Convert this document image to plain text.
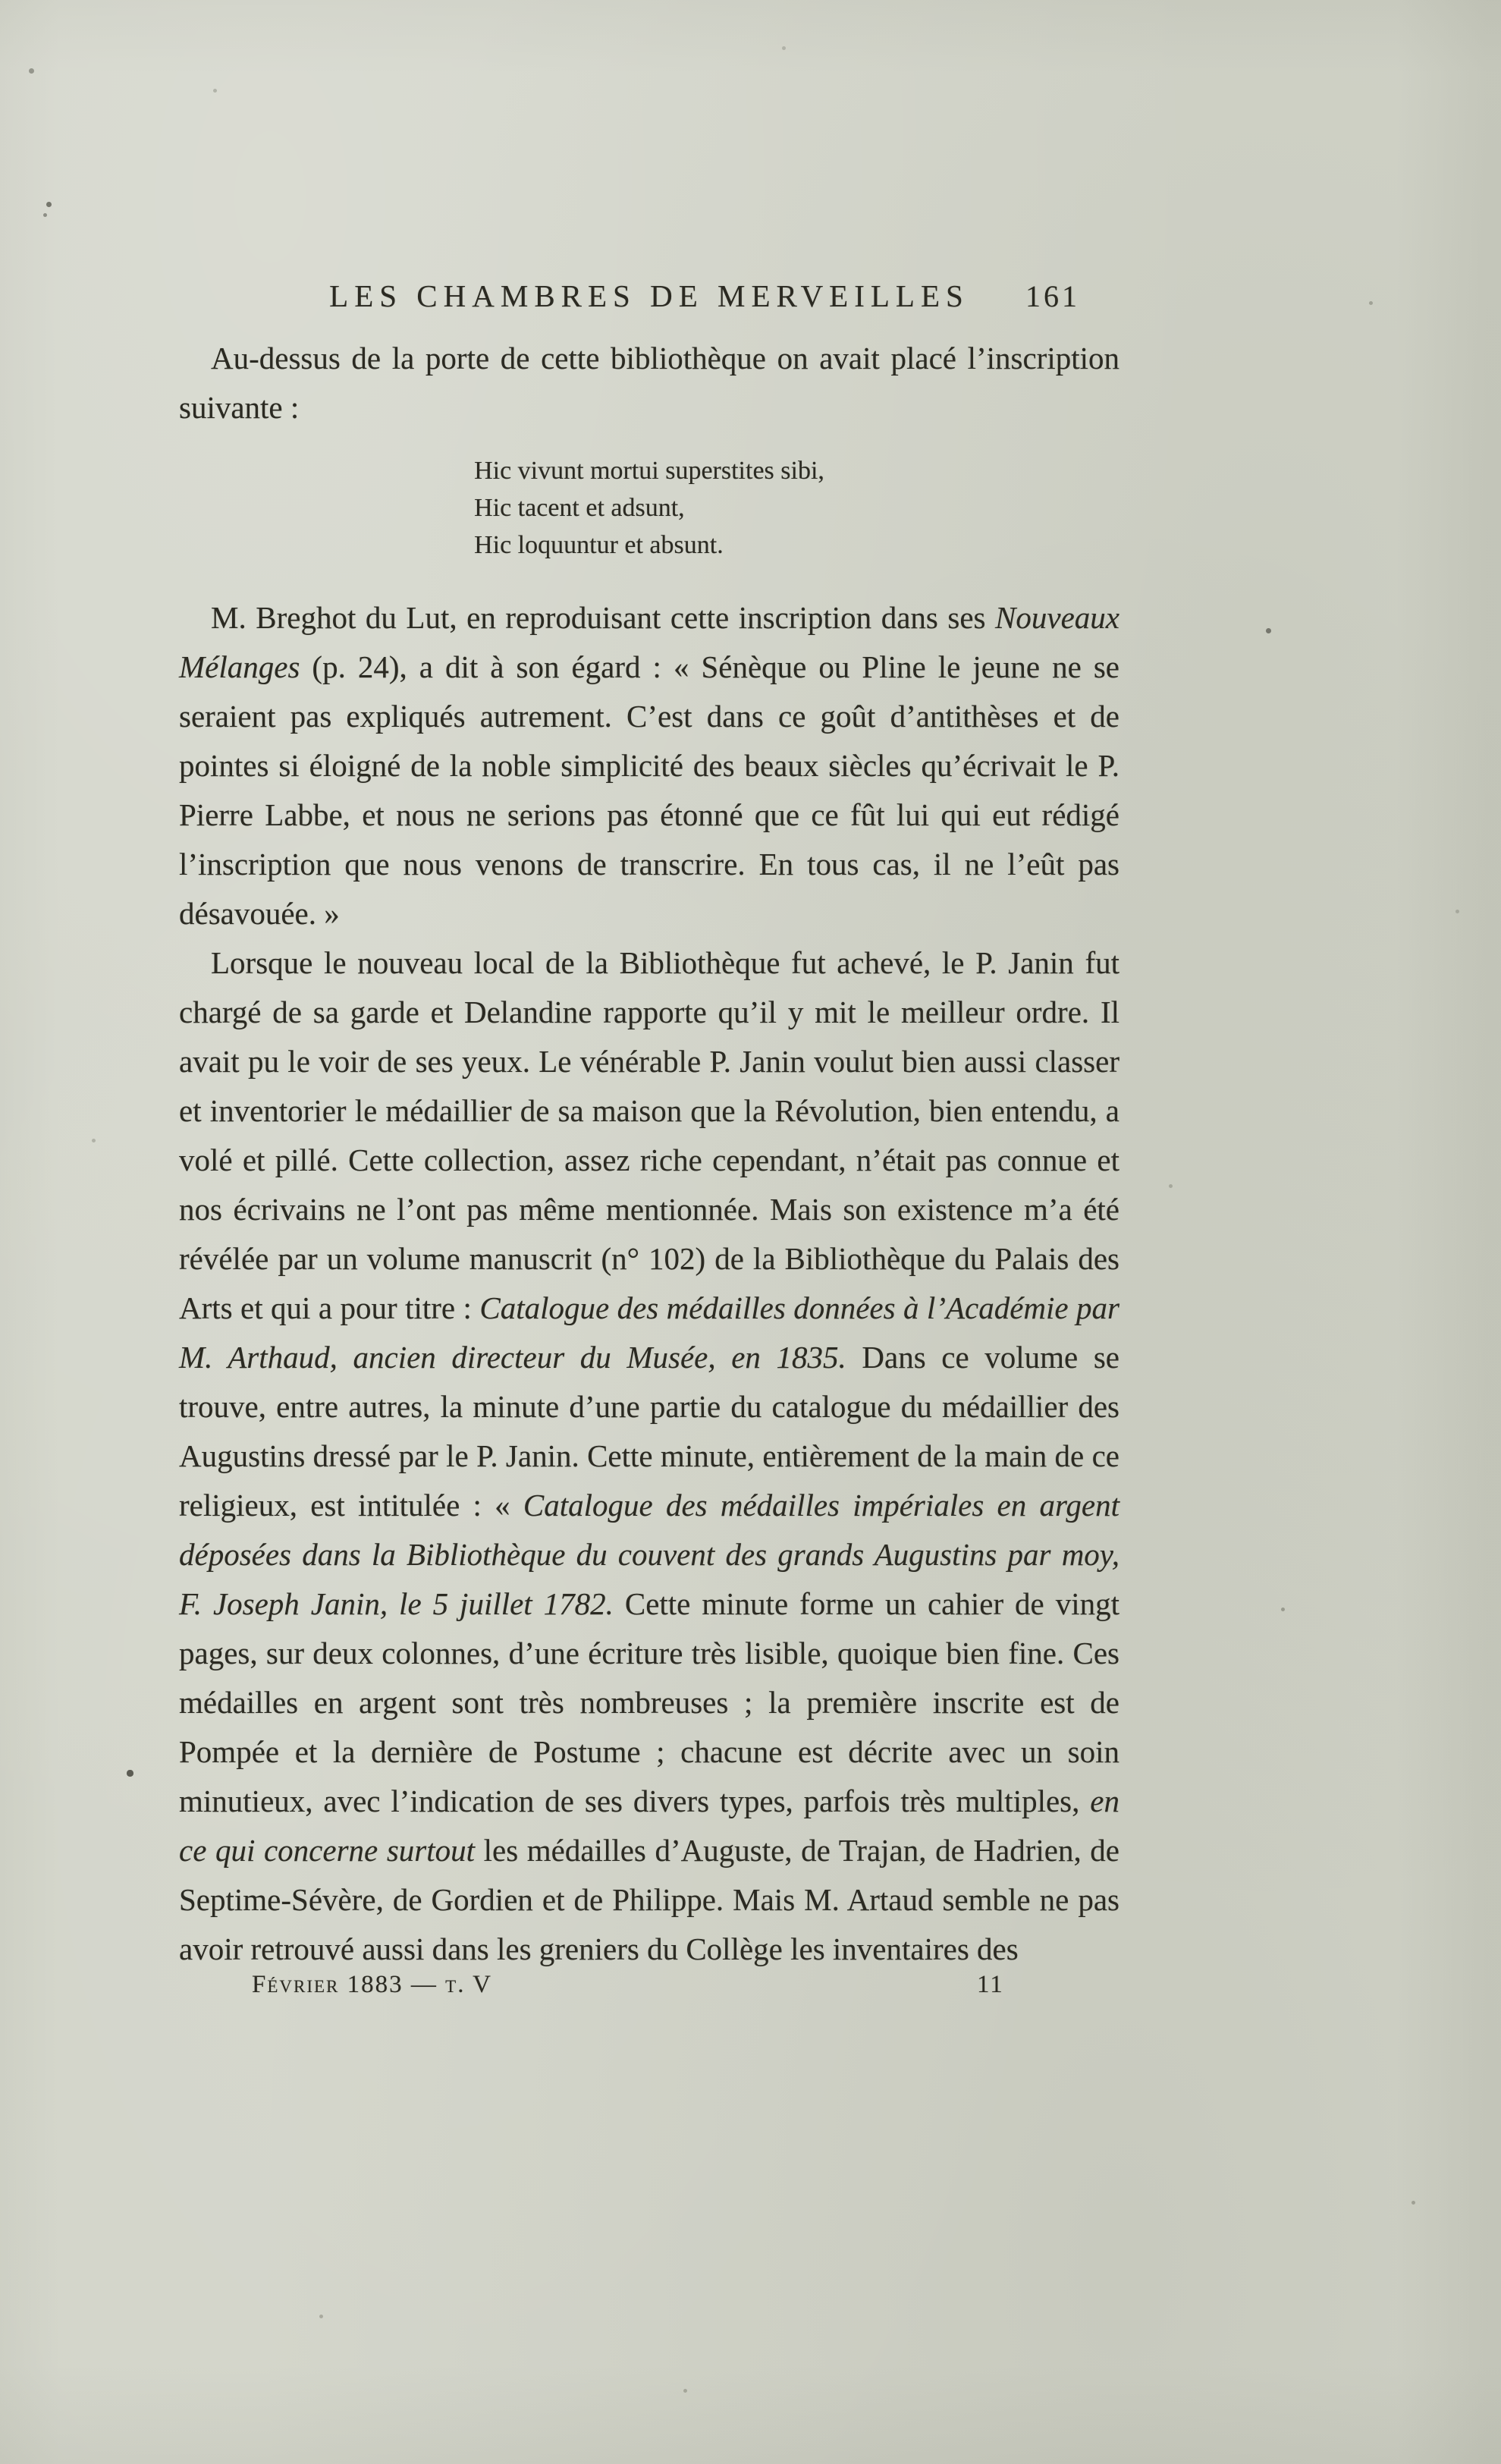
LES CHAMBRES DE MERVEILLES	161

Au-dessus de la porte de cette bibliothèque on avait placé l’inscription suivante :

Hic vivunt mortui superstites sibi,
Hic tacent et adsunt,
Hic loquuntur et absunt.

M. Breghot du Lut, en reproduisant cette inscription dans ses Nouveaux Mélanges (p. 24), a dit à son égard : « Sénèque ou Pline le jeune ne se seraient pas expliqués autrement. C’est dans ce goût d’antithèses et de pointes si éloigné de la noble simplicité des beaux siècles qu’écrivait le P. Pierre Labbe, et nous ne serions pas étonné que ce fût lui qui eut rédigé l’inscription que nous venons de transcrire. En tous cas, il ne l’eût pas désavouée. »

Lorsque le nouveau local de la Bibliothèque fut achevé, le P. Janin fut chargé de sa garde et Delandine rapporte qu’il y mit le meilleur ordre. Il avait pu le voir de ses yeux. Le vénérable P. Janin voulut bien aussi classer et inventorier le médaillier de sa maison que la Révolution, bien entendu, a volé et pillé. Cette collection, assez riche cependant, n’était pas connue et nos écrivains ne l’ont pas même mentionnée. Mais son existence m’a été révélée par un volume manuscrit (n° 102) de la Bibliothèque du Palais des Arts et qui a pour titre : Catalogue des médailles données à l’Académie par M. Arthaud, ancien directeur du Musée, en 1835. Dans ce volume se trouve, entre autres, la minute d’une partie du catalogue du médaillier des Augustins dressé par le P. Janin. Cette minute, entièrement de la main de ce religieux, est intitulée : « Catalogue des médailles impériales en argent déposées dans la Bibliothèque du couvent des grands Augustins par moy, F. Joseph Janin, le 5 juillet 1782. Cette minute forme un cahier de vingt pages, sur deux colonnes, d’une écriture très lisible, quoique bien fine. Ces médailles en argent sont très nombreuses ; la première inscrite est de Pompée et la dernière de Postume ; chacune est décrite avec un soin minutieux, avec l’indication de ses divers types, parfois très multiples, en ce qui concerne surtout les médailles d’Auguste, de Trajan, de Hadrien, de Septime-Sévère, de Gordien et de Philippe. Mais M. Artaud semble ne pas avoir retrouvé aussi dans les greniers du Collège les inventaires des

Février 1883 — t. V	11
